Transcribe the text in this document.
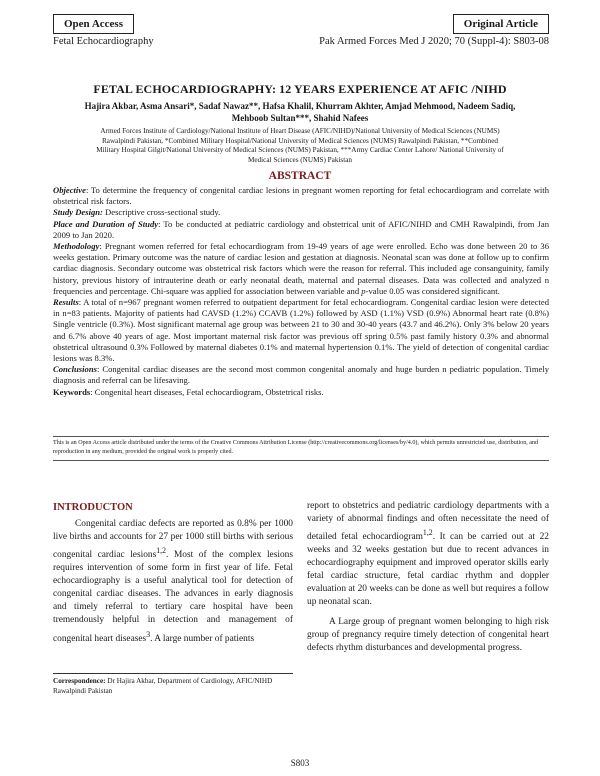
Open Access	Original Article
Fetal Echocardiography	Pak Armed Forces Med J 2020; 70 (Suppl-4): S803-08
FETAL ECHOCARDIOGRAPHY: 12 YEARS EXPERIENCE AT AFIC /NIHD
Hajira Akbar, Asma Ansari*, Sadaf Nawaz**, Hafsa Khalil, Khurram Akhter, Amjad Mehmood, Nadeem Sadiq,
Mehboob Sultan***, Shahid Nafees
Armed Forces Institute of Cardiology/National Institute of Heart Disease (AFIC/NIHD)/National University of Medical Sciences (NUMS)
Rawalpindi Pakistan, *Combined Military Hospital/National University of Medical Sciences (NUMS) Rawalpindi Pakistan, **Combined
Military Hospital Gilgit/National University of Medical Sciences (NUMS) Pakistan, ***Army Cardiac Center Lahore/ National University of
Medical Sciences (NUMS) Pakistan
ABSTRACT

Objective: To determine the frequency of congenital cardiac lesions in pregnant women reporting for fetal echocardiogram and correlate with obstetrical risk factors.

Study Design: Descriptive cross-sectional study.

Place and Duration of Study: To be conducted at pediatric cardiology and obstetrical unit of AFIC/NIHD and CMH Rawalpindi, from Jan 2009 to Jan 2020.

Methodology: Pregnant women referred for fetal echocardiogram from 19-49 years of age were enrolled. Echo was done between 20 to 36 weeks gestation. Primary outcome was the nature of cardiac lesion and gestation at diagnosis. Neonatal scan was done at follow up to confirm cardiac diagnosis. Secondary outcome was obstetrical risk factors which were the reason for referral. This included age consanguinity, family history, previous history of intrauterine death or early neonatal death, maternal and paternal diseases. Data was collected and analyzed n frequencies and percentage. Chi-square was applied for association between variable and p-value 0.05 was considered significant.

Results: A total of n=967 pregnant women referred to outpatient department for fetal echocardiogram. Congenital cardiac lesion were detected in n=83 patients. Majority of patients had CAVSD (1.2%) CCAVB (1.2%) followed by ASD (1.1%) VSD (0.9%) Abnormal heart rate (0.8%) Single ventricle (0.3%). Most significant maternal age group was between 21 to 30 and 30-40 years (43.7 and 46.2%). Only 3% below 20 years and 6.7% above 40 years of age. Most important maternal risk factor was previous off spring 0.5% past family history 0.3% and abnormal obstetrical ultrasound 0.3% Followed by maternal diabetes 0.1% and maternal hypertension 0.1%. The yield of detection of congenital cardiac lesions was 8.3%.

Conclusions: Congenital cardiac diseases are the second most common congenital anomaly and huge burden n pediatric population. Timely diagnosis and referral can be lifesaving.

Keywords: Congenital heart diseases, Fetal echocardiogram, Obstetrical risks.

This is an Open Access article distributed under the terms of the Creative Commons Attribution License (http://creativecommons.org/licenses/by/4.0), which permits unrestricted use, distribution, and reproduction in any medium, provided the original work is properly cited.
INTRODUCTON

Congenital cardiac defects are reported as 0.8% per 1000 live births and accounts for 27 per 1000 still births with serious congenital cardiac lesions$^{1,2}$. Most of the complex lesions requires intervention of some form in first year of life. Fetal echocardiography is a useful analytical tool for detection of congenital cardiac diseases. The advances in early diagnosis and timely referral to tertiary care hospital have been tremendously helpful in detection and management of congenital heart diseases$^3$. A large number of patients

Correspondence: Dr Hajira Akbar, Department of Cardiology, AFIC/NIHD Rawalpindi Pakistan

report to obstetrics and pediatric cardiology departments with a variety of abnormal findings and often necessitate the need of detailed fetal echocardiogram$^{1,2}$. It can be carried out at 22 weeks and 32 weeks gestation but due to recent advances in echocardiography equipment and improved operator skills early fetal cardiac structure, fetal cardiac rhythm and doppler evaluation at 20 weeks can be done as well but requires a follow up neonatal scan.

A Large group of pregnant women belonging to high risk group of pregnancy require timely detection of congenital heart defects rhythm disturbances and developmental progress.

S803
